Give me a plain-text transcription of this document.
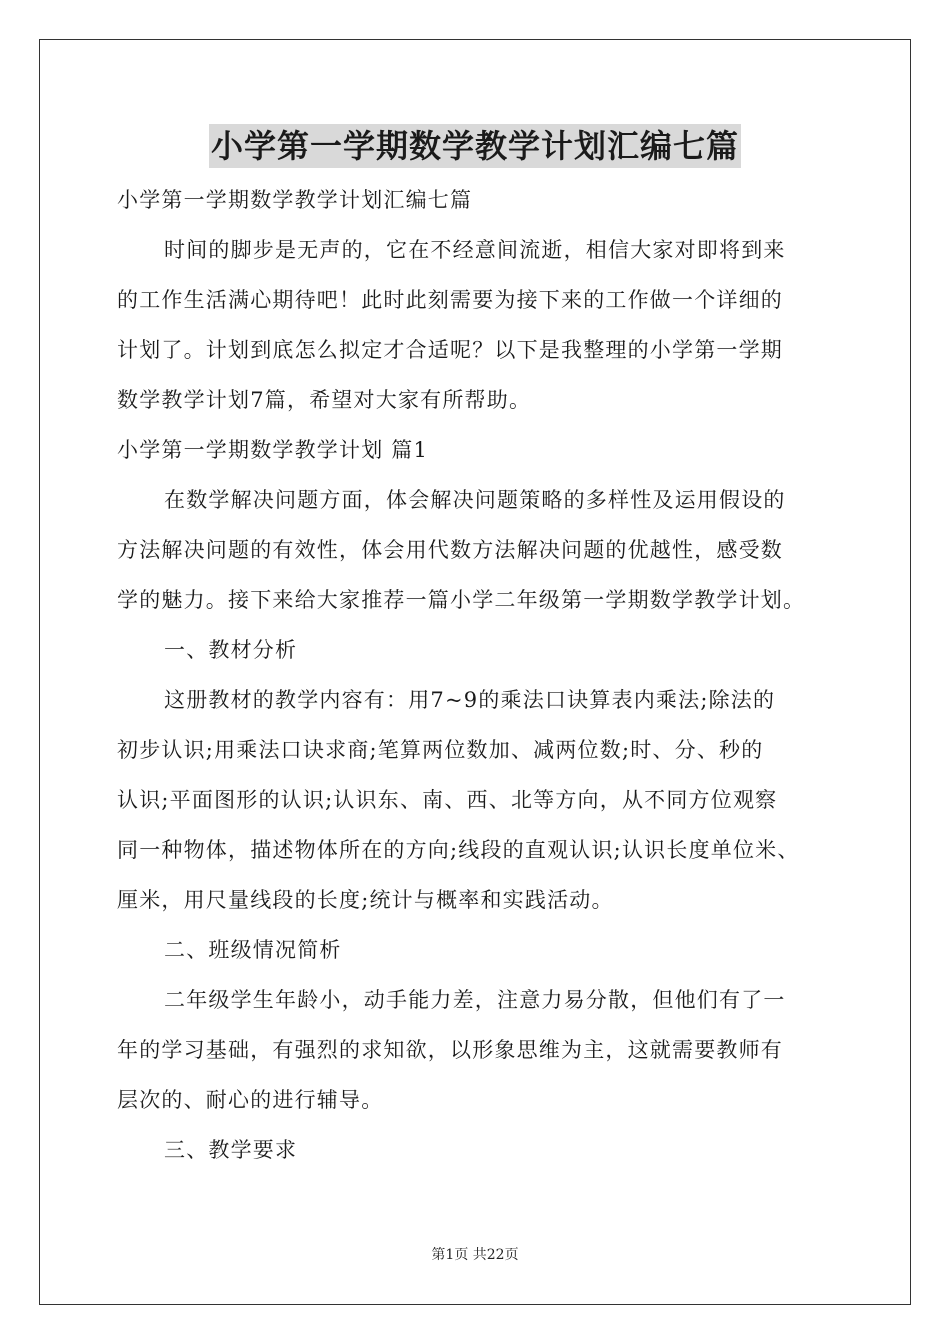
小学第一学期数学教学计划汇编七篇
小学第一学期数学教学计划汇编七篇
时间的脚步是无声的，它在不经意间流逝，相信大家对即将到来
的工作生活满心期待吧！此时此刻需要为接下来的工作做一个详细的
计划了。计划到底怎么拟定才合适呢？以下是我整理的小学第一学期
数学教学计划7篇，希望对大家有所帮助。
小学第一学期数学教学计划 篇1
在数学解决问题方面，体会解决问题策略的多样性及运用假设的
方法解决问题的有效性，体会用代数方法解决问题的优越性，感受数
学的魅力。接下来给大家推荐一篇小学二年级第一学期数学教学计划。
一、教材分析
这册教材的教学内容有：用7~9的乘法口诀算表内乘法;除法的
初步认识;用乘法口诀求商;笔算两位数加、减两位数;时、分、秒的
认识;平面图形的认识;认识东、南、西、北等方向，从不同方位观察
同一种物体，描述物体所在的方向;线段的直观认识;认识长度单位米、
厘米，用尺量线段的长度;统计与概率和实践活动。
二、班级情况简析
二年级学生年龄小，动手能力差，注意力易分散，但他们有了一
年的学习基础，有强烈的求知欲，以形象思维为主，这就需要教师有
层次的、耐心的进行辅导。
三、教学要求
第1页 共22页
